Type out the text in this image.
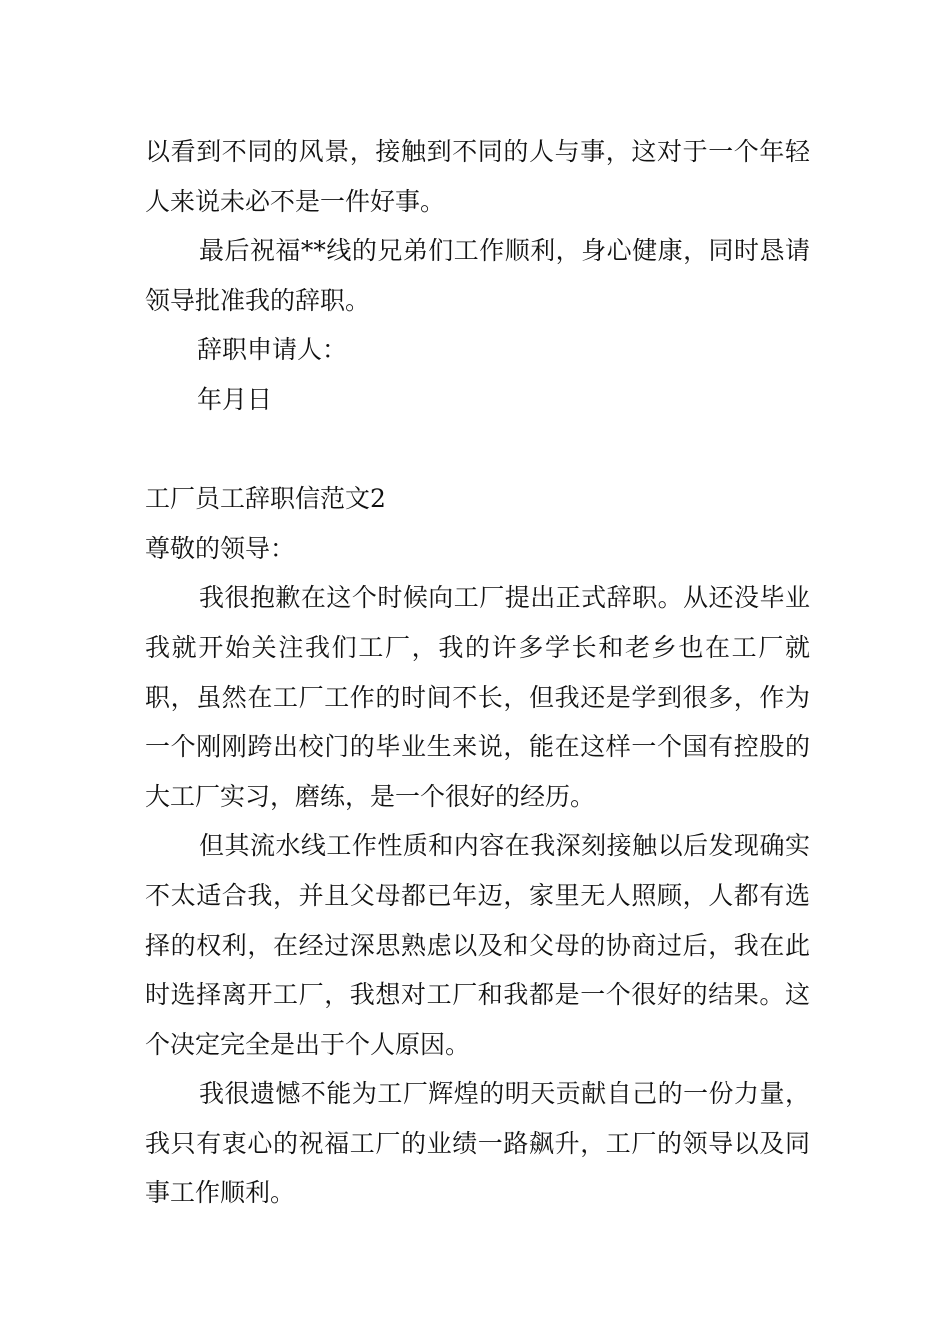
以看到不同的风景，接触到不同的人与事，这对于一个年轻人来说未必不是一件好事。

最后祝福**线的兄弟们工作顺利，身心健康，同时恳请领导批准我的辞职。

辞职申请人：

年月日

工厂员工辞职信范文2

尊敬的领导：

我很抱歉在这个时候向工厂提出正式辞职。从还没毕业我就开始关注我们工厂，我的许多学长和老乡也在工厂就职，虽然在工厂工作的时间不长，但我还是学到很多，作为一个刚刚跨出校门的毕业生来说，能在这样一个国有控股的大工厂实习，磨练，是一个很好的经历。

但其流水线工作性质和内容在我深刻接触以后发现确实不太适合我，并且父母都已年迈，家里无人照顾，人都有选择的权利，在经过深思熟虑以及和父母的协商过后，我在此时选择离开工厂，我想对工厂和我都是一个很好的结果。这个决定完全是出于个人原因。

我很遗憾不能为工厂辉煌的明天贡献自己的一份力量，我只有衷心的祝福工厂的业绩一路飙升，工厂的领导以及同事工作顺利。
